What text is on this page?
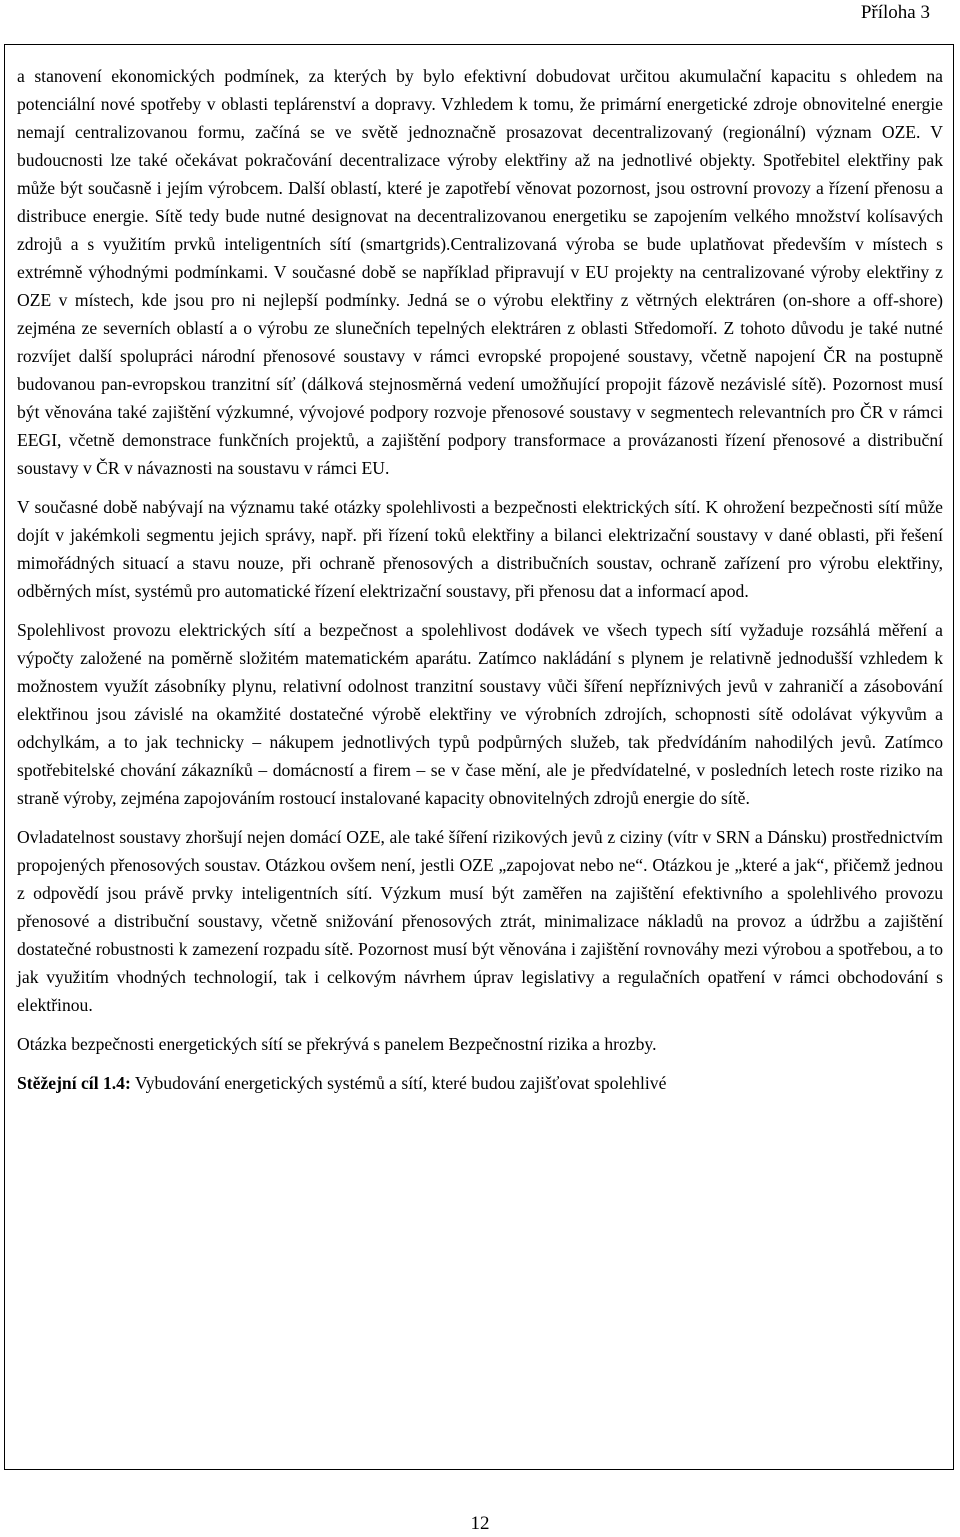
Příloha 3

a stanovení ekonomických podmínek, za kterých by bylo efektivní dobudovat určitou akumulační kapacitu s ohledem na potenciální nové spotřeby v oblasti teplárenství a dopravy. Vzhledem k tomu, že primární energetické zdroje obnovitelné energie nemají centralizovanou formu, začíná se ve světě jednoznačně prosazovat decentralizovaný (regionální) význam OZE. V budoucnosti lze také očekávat pokračování decentralizace výroby elektřiny až na jednotlivé objekty. Spotřebitel elektřiny pak může být současně i jejím výrobcem. Další oblastí, které je zapotřebí věnovat pozornost, jsou ostrovní provozy a řízení přenosu a distribuce energie. Sítě tedy bude nutné designovat na decentralizovanou energetiku se zapojením velkého množství kolísavých zdrojů a s využitím prvků inteligentních sítí (smartgrids).Centralizovaná výroba se bude uplatňovat především v místech s extrémně výhodnými podmínkami. V současné době se například připravují v EU projekty na centralizované výroby elektřiny z OZE v místech, kde jsou pro ni nejlepší podmínky. Jedná se o výrobu elektřiny z větrných elektráren (on-shore a off-shore) zejména ze severních oblastí a o výrobu ze slunečních tepelných elektráren z oblasti Středomoří. Z tohoto důvodu je také nutné rozvíjet další spolupráci národní přenosové soustavy v rámci evropské propojené soustavy, včetně napojení ČR na postupně budovanou pan-evropskou tranzitní síť (dálková stejnosměrná vedení umožňující propojit fázově nezávislé sítě). Pozornost musí být věnována také zajištění výzkumné, vývojové podpory rozvoje přenosové soustavy v segmentech relevantních pro ČR v rámci EEGI, včetně demonstrace funkčních projektů, a zajištění podpory transformace a provázanosti řízení přenosové a distribuční soustavy v ČR v návaznosti na soustavu v rámci EU.

V současné době nabývají na významu také otázky spolehlivosti a bezpečnosti elektrických sítí. K ohrožení bezpečnosti sítí může dojít v jakémkoli segmentu jejich správy, např. při řízení toků elektřiny a bilanci elektrizační soustavy v dané oblasti, při řešení mimořádných situací a stavu nouze, při ochraně přenosových a distribučních soustav, ochraně zařízení pro výrobu elektřiny, odběrných míst, systémů pro automatické řízení elektrizační soustavy, při přenosu dat a informací apod.

Spolehlivost provozu elektrických sítí a bezpečnost a spolehlivost dodávek ve všech typech sítí vyžaduje rozsáhlá měření a výpočty založené na poměrně složitém matematickém aparátu. Zatímco nakládání s plynem je relativně jednodušší vzhledem k možnostem využít zásobníky plynu, relativní odolnost tranzitní soustavy vůči šíření nepříznivých jevů v zahraničí a zásobování elektřinou jsou závislé na okamžité dostatečné výrobě elektřiny ve výrobních zdrojích, schopnosti sítě odolávat výkyvům a odchylkám, a to jak technicky – nákupem jednotlivých typů podpůrných služeb, tak předvídáním nahodilých jevů. Zatímco spotřebitelské chování zákazníků – domácností a firem – se v čase mění, ale je předvídatelné, v posledních letech roste riziko na straně výroby, zejména zapojováním rostoucí instalované kapacity obnovitelných zdrojů energie do sítě.

Ovladatelnost soustavy zhoršují nejen domácí OZE, ale také šíření rizikových jevů z ciziny (vítr v SRN a Dánsku) prostřednictvím propojených přenosových soustav. Otázkou ovšem není, jestli OZE „zapojovat nebo ne“. Otázkou je „které a jak“, přičemž jednou z odpovědí jsou právě prvky inteligentních sítí. Výzkum musí být zaměřen na zajištění efektivního a spolehlivého provozu přenosové a distribuční soustavy, včetně snižování přenosových ztrát, minimalizace nákladů na provoz a údržbu a zajištění dostatečné robustnosti k zamezení rozpadu sítě. Pozornost musí být věnována i zajištění rovnováhy mezi výrobou a spotřebou, a to jak využitím vhodných technologií, tak i celkovým návrhem úprav legislativy a regulačních opatření v rámci obchodování s elektřinou.

Otázka bezpečnosti energetických sítí se překrývá s panelem Bezpečnostní rizika a hrozby.

Stěžejní cíl 1.4: Vybudování energetických systémů a sítí, které budou zajišťovat spolehlivé
12
